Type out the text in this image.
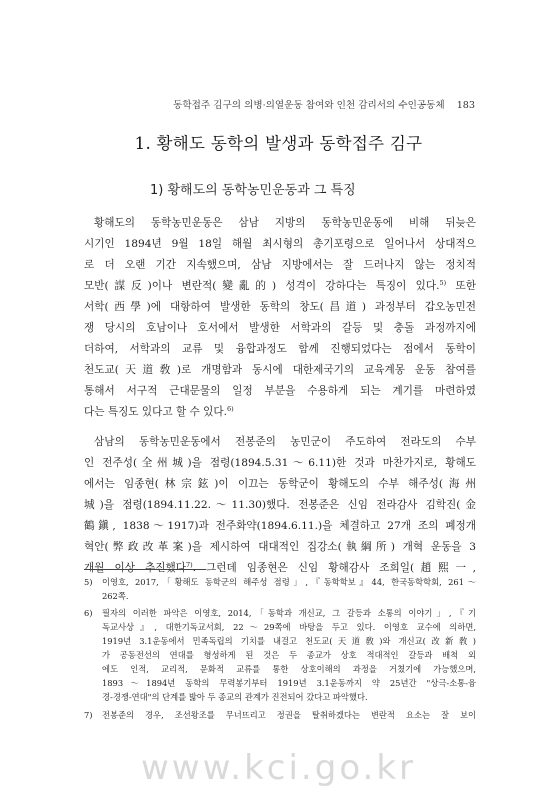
동학접주 김구의 의병·의열운동 참여와 인천 감리서의 수인공동체 183
1. 황해도 동학의 발생과 동학접주 김구
1) 황해도의 동학농민운동과 그 특징
황해도의 동학농민운동은 삼남 지방의 동학농민운동에 비해 뒤늦은
시기인 1894년 9월 18일 해월 최시형의 총기포령으로 일어나서 상대적으
로 더 오랜 기간 지속했으며, 삼남 지방에서는 잘 드러나지 않는 정치적
모반(謀反)이나 변란적(變亂的) 성격이 강하다는 특징이 있다.$^{5)}$ 또한
서학(西學)에 대항하여 발생한 동학의 창도(昌道) 과정부터 갑오농민전
쟁 당시의 호남이나 호서에서 발생한 서학과의 갈등 및 충돌 과정까지에
더하여, 서학과의 교류 및 융합과정도 함께 진행되었다는 점에서 동학이
천도교(天道敎)로 개명함과 동시에 대한제국기의 교육계몽 운동 참여를
통해서 서구적 근대문물의 일정 부분을 수용하게 되는 계기를 마련하였
다는 특징도 있다고 할 수 있다.$^{6)}$
삼남의 동학농민운동에서 전봉준의 농민군이 주도하여 전라도의 수부
인 전주성(全州城)을 점령(1894.5.31～6.11)한 것과 마찬가지로, 황해도
에서는 임종현(林宗鉉)이 이끄는 동학군이 황해도의 수부 해주성(海州
城)을 점령(1894.11.22.～11.30)했다. 전봉준은 신임 전라감사 김학진(金
鶴鎭, 1838～1917)과 전주화약(1894.6.11.)을 체결하고 27개 조의 폐정개
혁안(弊政改革案)을 제시하여 대대적인 집강소(執綱所) 개혁 운동을 3
개월 이상 추진했다$^{7)}$. 그런데 임종현은 신임 황해감사 조희일(趙熙一,
5) 이영호, 2017,「황해도 동학군의 해주성 점령」,『동학학보』44, 한국동학학회, 261～
262쪽.
6) 필자의 이러한 파악은 이영호, 2014,「동학과 개신교, 그 갈등과 소통의 이야기」,『기
독교사상』, 대한기독교서회, 22～29쪽에 바탕을 두고 있다. 이영호 교수에 의하면,
1919년 3.1운동에서 민족독립의 기치를 내걸고 천도교(天道敎)와 개신교(改新敎)
가 공동전선의 연대를 형성하게 된 것은 두 종교가 상호 적대적인 갈등과 배척 외
에도 인적, 교리적, 문화적 교류를 통한 상호이해의 과정을 거쳤기에 가능했으며,
1893～1894년 동학의 무력봉기부터 1919년 3.1운동까지 약 25년간 "상극-소통-융
경-경쟁-연대"의 단계를 밟아 두 종교의 관계가 진전되어 갔다고 파악했다.
7) 전봉준의 경우, 조선왕조를 무너뜨리고 정권을 탈취하겠다는 변란적 요소는 잘 보이
www.kci.go.kr
